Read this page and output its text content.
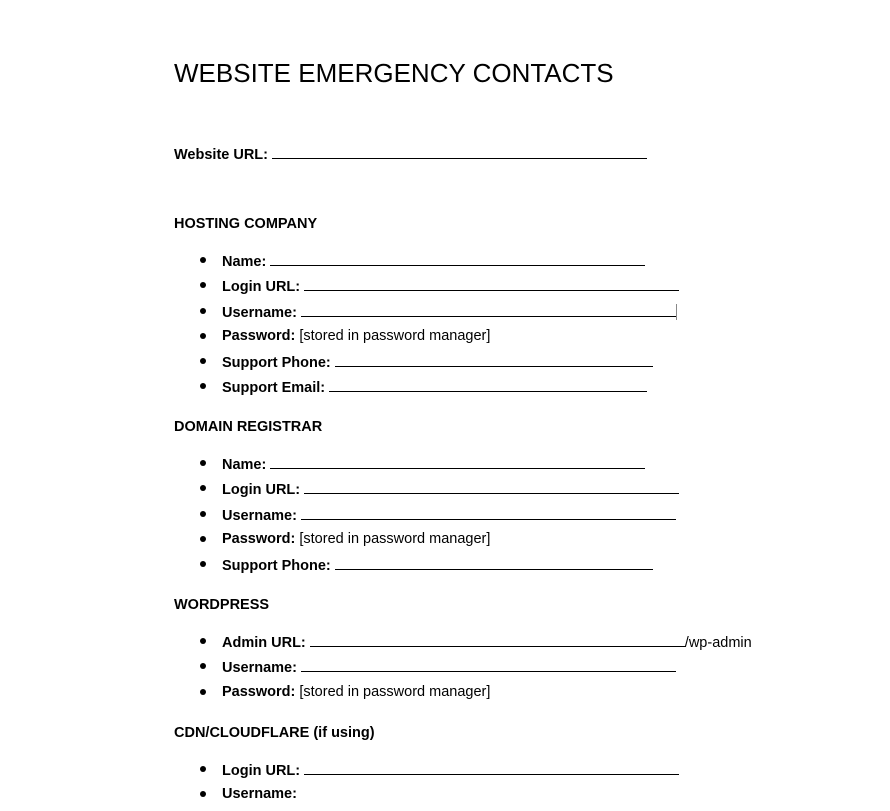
WEBSITE EMERGENCY CONTACTS
Website URL:
HOSTING COMPANY
Name:
Login URL:
Username:
Password: [stored in password manager]
Support Phone:
Support Email:
DOMAIN REGISTRAR
Name:
Login URL:
Username:
Password: [stored in password manager]
Support Phone:
WORDPRESS
Admin URL:	/wp-admin
Username:
Password: [stored in password manager]
CDN/CLOUDFLARE (if using)
Login URL:
Username:
